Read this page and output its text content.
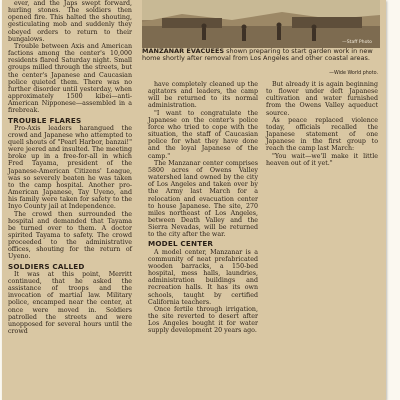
ever, and the Japs swept forward, hurling stones. The soldiers then opened fire. This halted the shouting, gesticulating mob and suddenly they obeyed orders to return to their bungalows.

Trouble between Axis and American factions among the center's 10,000 residents flared Saturday night. Small groups milled through the streets, but the center's Japanese and Caucasian police quieted them. There was no further disorder until yesterday, when approximately 1500 kibei—anti-American Nipponese—assembled in a firebreak.

TROUBLE FLARES

Pro-Axis leaders harangued the crowd and Japanese who attempted to quell shouts of "Pearl Harbor, banzai!" were jeered and insulted. The meeting broke up in a free-for-all in which Fred Tayama, president of the Japanese-American Citizens' League, was so severely beaten he was taken to the camp hospital. Another pro-American Japanese, Tay Uyeno, and his family were taken for safety to the Inyo County jail at Independence.

The crowd then surrounded the hospital and demanded that Tayama be turned over to them. A doctor spirited Tayama to safety. The crowd proceeded to the administrative offices, shouting for the return of Uyeno.

SOLDIERS CALLED

It was at this point, Merritt continued, that he asked the assistance of troops and the invocation of martial law. Military police, encamped near the center, at once were moved in. Soldiers patrolled the streets and were unopposed for several hours until the crowd

—Staff Photo
MANZANAR EVACUEES shown preparing to start garden work in new home shortly after removal from Los Angeles and other coastal areas.
—Wide World photo.

have completely cleaned up the agitators and leaders, the camp will be returned to its normal administration.

"I want to congratulate the Japanese on the center's police force who tried to cope with the situation, the staff of Caucasian police for what they have done and the loyal Japanese of the camp."

The Manzanar center comprises 5800 acres of Owens Valley watershed land owned by the city of Los Angeles and taken over by the Army last March for a relocation and evacuation center to house Japanese. The site, 270 miles northeast of Los Angeles, between Death Valley and the Sierra Nevadas, will be returned to the city after the war.

MODEL CENTER

A model center, Manzanar is a community of neat prefabricated wooden barracks, a 150-bed hospital, mess halls, laundries, administration buildings and recreation halls. It has its own schools, taught by certified California teachers.

Once fertile through irrigation, the site reverted to desert after Los Angeles bought it for water supply development 20 years ago.

But already it is again beginning to flower under deft Japanese cultivation and water furnished from the Owens Valley aqueduct source.

As peace replaced violence today, officials recalled the Japanese statement of one Japanese in the first group to reach the camp last March:

"You wait—we'll make it little heaven out of it yet."
